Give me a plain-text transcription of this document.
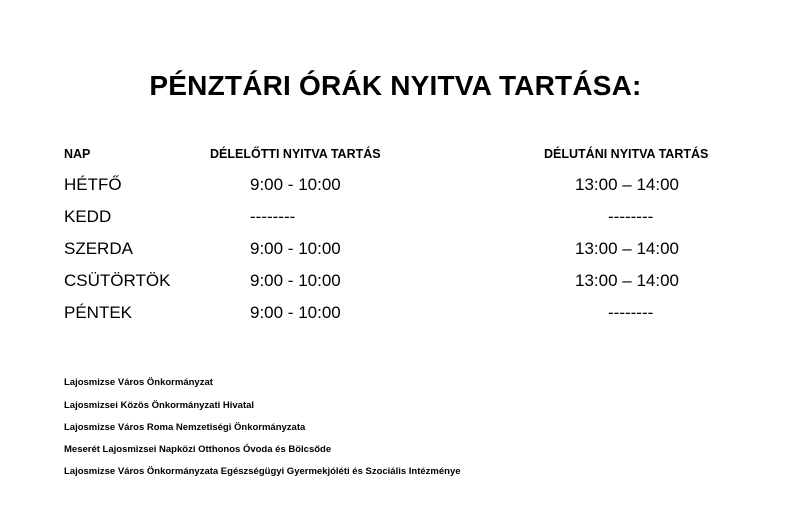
PÉNZTÁRI ÓRÁK NYITVA TARTÁSA:
NAP	DÉLELŐTTI NYITVA TARTÁS	DÉLUTÁNI NYITVA TARTÁS
HÉTFŐ	9:00 - 10:00	13:00 – 14:00
KEDD	--------	--------
SZERDA	9:00 - 10:00	13:00 – 14:00
CSÜTÖRTÖK	9:00 - 10:00	13:00 – 14:00
PÉNTEK	9:00 - 10:00	--------
Lajosmizse Város Önkormányzat
Lajosmizsei Közös Önkormányzati Hivatal
Lajosmizse Város Roma Nemzetiségi Önkormányzata
Meserét Lajosmizsei Napközi Otthonos Óvoda és Bölcsőde
Lajosmizse Város Önkormányzata Egészségügyi Gyermekjóléti és Szociális Intézménye
